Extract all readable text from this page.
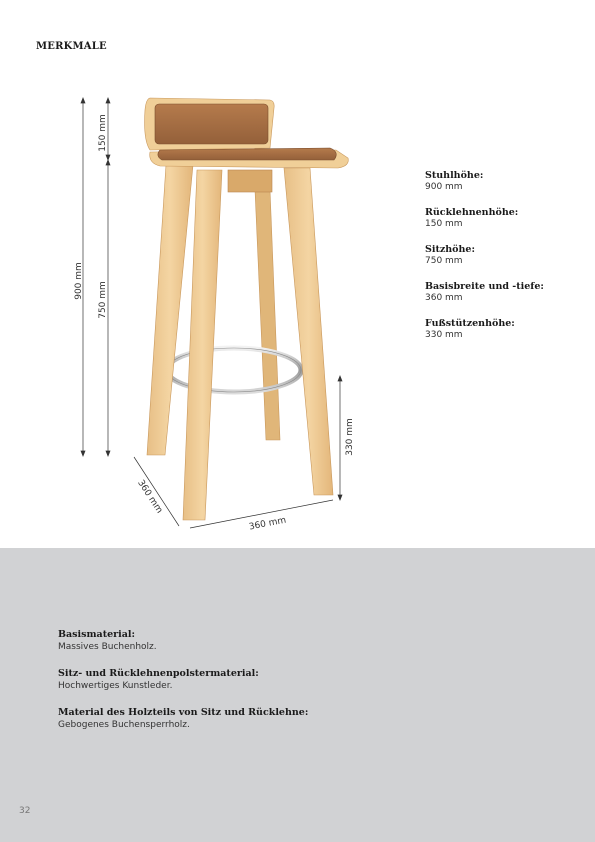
MERKMALE
900 mm
150 mm
750 mm
330 mm
360 mm
360 mm
Stuhlhöhe:
900 mm
Rücklehnenhöhe:
150 mm
Sitzhöhe:
750 mm
Basisbreite und -tiefe:
360 mm
Fußstützenhöhe:
330 mm
Basismaterial:
Massives Buchenholz.
Sitz- und Rücklehnenpolstermaterial:
Hochwertiges Kunstleder.
Material des Holzteils von Sitz und Rücklehne:
Gebogenes Buchensperrholz.
32
